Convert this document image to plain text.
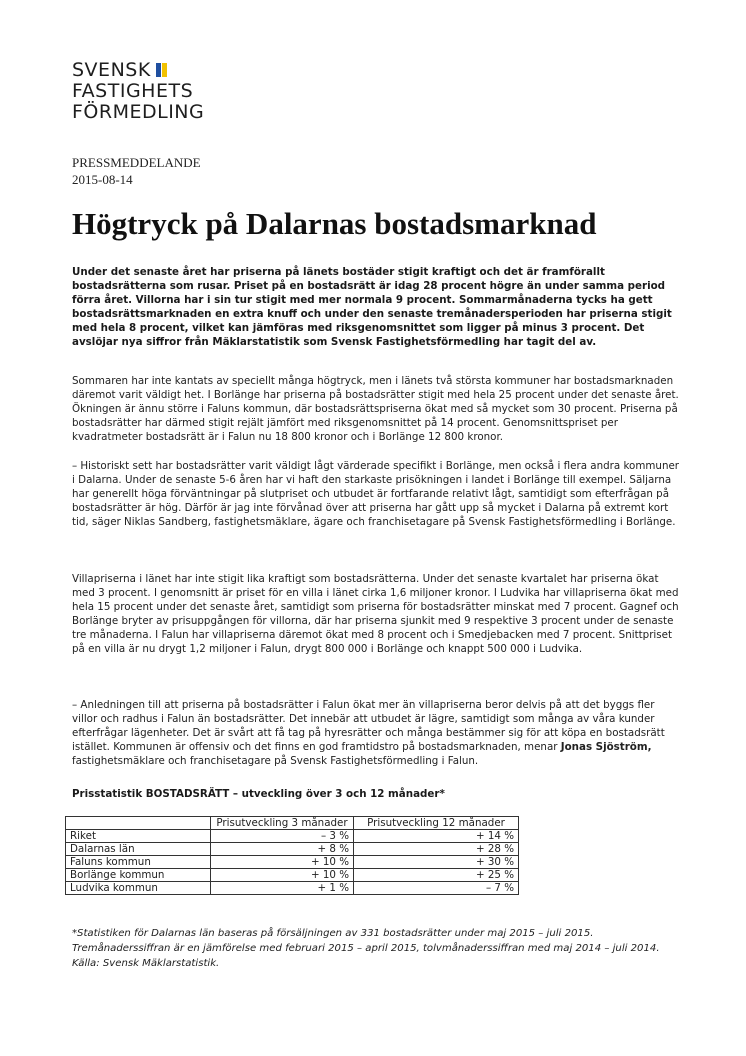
SVENSK
FASTIGHETS
FÖRMEDLING
PRESSMEDDELANDE
2015-08-14
Högtryck på Dalarnas bostadsmarknad

Under det senaste året har priserna på länets bostäder stigit kraftigt och det är framförallt bostadsrätterna som rusar. Priset på en bostadsrätt är idag 28 procent högre än under samma period förra året. Villorna har i sin tur stigit med mer normala 9 procent. Sommarmånaderna tycks ha gett bostadsrättsmarknaden en extra knuff och under den senaste tremånadersperioden har priserna stigit med hela 8 procent, vilket kan jämföras med riksgenomsnittet som ligger på minus 3 procent. Det avslöjar nya siffror från Mäklarstatistik som Svensk Fastighetsförmedling har tagit del av.

Sommaren har inte kantats av speciellt många högtryck, men i länets två största kommuner har bostadsmarknaden däremot varit väldigt het. I Borlänge har priserna på bostadsrätter stigit med hela 25 procent under det senaste året. Ökningen är ännu större i Faluns kommun, där bostadsrättspriserna ökat med så mycket som 30 procent. Priserna på bostadsrätter har därmed stigit rejält jämfört med riksgenomsnittet på 14 procent. Genomsnittspriset per kvadratmeter bostadsrätt är i Falun nu 18 800 kronor och i Borlänge 12 800 kronor.

– Historiskt sett har bostadsrätter varit väldigt lågt värderade specifikt i Borlänge, men också i flera andra kommuner i Dalarna. Under de senaste 5-6 åren har vi haft den starkaste prisökningen i landet i Borlänge till exempel. Säljarna har generellt höga förväntningar på slutpriset och utbudet är fortfarande relativt lågt, samtidigt som efterfrågan på bostadsrätter är hög. Därför är jag inte förvånad över att priserna har gått upp så mycket i Dalarna på extremt kort tid, säger Niklas Sandberg, fastighetsmäklare, ägare och franchisetagare på Svensk Fastighetsförmedling i Borlänge.

Villapriserna i länet har inte stigit lika kraftigt som bostadsrätterna. Under det senaste kvartalet har priserna ökat med 3 procent. I genomsnitt är priset för en villa i länet cirka 1,6 miljoner kronor. I Ludvika har villapriserna ökat med hela 15 procent under det senaste året, samtidigt som priserna för bostadsrätter minskat med 7 procent. Gagnef och Borlänge bryter av prisuppgången för villorna, där har priserna sjunkit med 9 respektive 3 procent under de senaste tre månaderna. I Falun har villapriserna däremot ökat med 8 procent och i Smedjebacken med 7 procent. Snittpriset på en villa är nu drygt 1,2 miljoner i Falun, drygt 800 000 i Borlänge och knappt 500 000 i Ludvika.

– Anledningen till att priserna på bostadsrätter i Falun ökat mer än villapriserna beror delvis på att det byggs fler villor och radhus i Falun än bostadsrätter. Det innebär att utbudet är lägre, samtidigt som många av våra kunder efterfrågar lägenheter. Det är svårt att få tag på hyresrätter och många bestämmer sig för att köpa en bostadsrätt istället. Kommunen är offensiv och det finns en god framtidstro på bostadsmarknaden, menar Jonas Sjöström, fastighetsmäklare och franchisetagare på Svensk Fastighetsförmedling i Falun.

Prisstatistik BOSTADSRÄTT – utveckling över 3 och 12 månader*
	Prisutveckling 3 månader	Prisutveckling 12 månader
Riket	– 3 %	+ 14 %
Dalarnas län	+ 8 %	+ 28 %
Faluns kommun	+ 10 %	+ 30 %
Borlänge kommun	+ 10 %	+ 25 %
Ludvika kommun	+ 1 %	– 7 %
*Statistiken för Dalarnas län baseras på försäljningen av 331 bostadsrätter under maj 2015 – juli 2015. Tremånaderssiffran är en jämförelse med februari 2015 – april 2015, tolvmånaderssiffran med maj 2014 – juli 2014. Källa: Svensk Mäklarstatistik.
